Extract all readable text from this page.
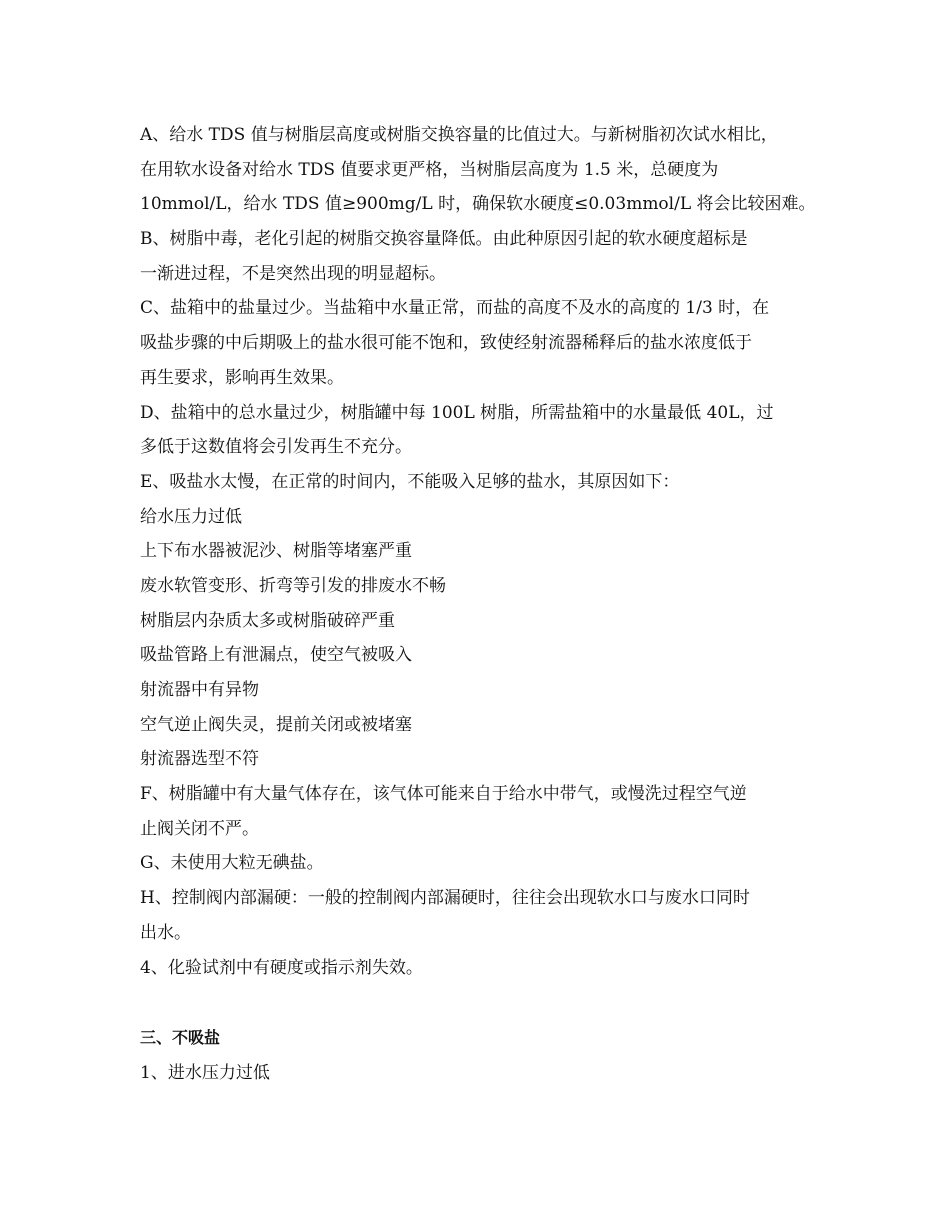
A、给水 TDS 值与树脂层高度或树脂交换容量的比值过大。与新树脂初次试水相比，
在用软水设备对给水 TDS 值要求更严格，当树脂层高度为 1.5 米，总硬度为
10mmol/L，给水 TDS 值≥900mg/L 时，确保软水硬度≤0.03mmol/L 将会比较困难。
B、树脂中毒，老化引起的树脂交换容量降低。由此种原因引起的软水硬度超标是
一渐进过程，不是突然出现的明显超标。
C、盐箱中的盐量过少。当盐箱中水量正常，而盐的高度不及水的高度的 1/3 时，在
吸盐步骤的中后期吸上的盐水很可能不饱和，致使经射流器稀释后的盐水浓度低于
再生要求，影响再生效果。
D、盐箱中的总水量过少，树脂罐中每 100L 树脂，所需盐箱中的水量最低 40L，过
多低于这数值将会引发再生不充分。
E、吸盐水太慢，在正常的时间内，不能吸入足够的盐水，其原因如下：
给水压力过低
上下布水器被泥沙、树脂等堵塞严重
废水软管变形、折弯等引发的排废水不畅
树脂层内杂质太多或树脂破碎严重
吸盐管路上有泄漏点，使空气被吸入
射流器中有异物
空气逆止阀失灵，提前关闭或被堵塞
射流器选型不符
F、树脂罐中有大量气体存在，该气体可能来自于给水中带气，或慢洗过程空气逆
止阀关闭不严。
G、未使用大粒无碘盐。
H、控制阀内部漏硬：一般的控制阀内部漏硬时，往往会出现软水口与废水口同时
出水。
4、化验试剂中有硬度或指示剂失效。
三、不吸盐
1、进水压力过低
